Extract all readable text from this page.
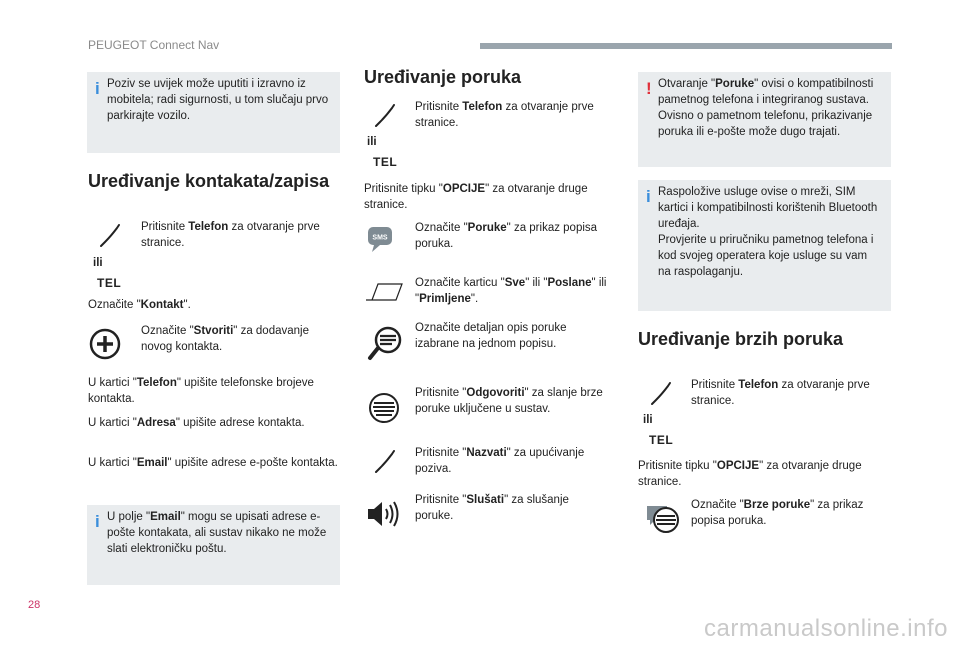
PEUGEOT Connect Nav
i Poziv se uvijek može uputiti i izravno iz mobitela; radi sigurnosti, u tom slučaju prvo parkirajte vozilo.
Uređivanje kontakata/zapisa
Pritisnite Telefon za otvaranje prve stranice.
ili
TEL
Označite "Kontakt".
Označite "Stvoriti" za dodavanje novog kontakta.
U kartici "Telefon" upišite telefonske brojeve kontakta.
U kartici "Adresa" upišite adrese kontakta.
U kartici "Email" upišite adrese e-pošte kontakta.
i U polje "Email" mogu se upisati adrese e-pošte kontakata, ali sustav nikako ne može slati elektroničku poštu.
Uređivanje poruka
Pritisnite Telefon za otvaranje prve stranice.
ili
TEL
Pritisnite tipku "OPCIJE" za otvaranje druge stranice.
SMS
Označite "Poruke" za prikaz popisa poruka.
Označite karticu "Sve" ili "Poslane" ili "Primljene".
Označite detaljan opis poruke izabrane na jednom popisu.
Pritisnite "Odgovoriti" za slanje brze poruke uključene u sustav.
Pritisnite "Nazvati" za upućivanje poziva.
Pritisnite "Slušati" za slušanje poruke.
! Otvaranje "Poruke" ovisi o kompatibilnosti pametnog telefona i integriranog sustava.
Ovisno o pametnom telefonu, prikazivanje poruka ili e-pošte može dugo trajati.
i Raspoložive usluge ovise o mreži, SIM kartici i kompatibilnosti korištenih Bluetooth uređaja.
Provjerite u priručniku pametnog telefona i kod svojeg operatera koje usluge su vam na raspolaganju.
Uređivanje brzih poruka
Pritisnite Telefon za otvaranje prve stranice.
ili
TEL
Pritisnite tipku "OPCIJE" za otvaranje druge stranice.
Označite "Brze poruke" za prikaz popisa poruka.
28
carmanualsonline.info
